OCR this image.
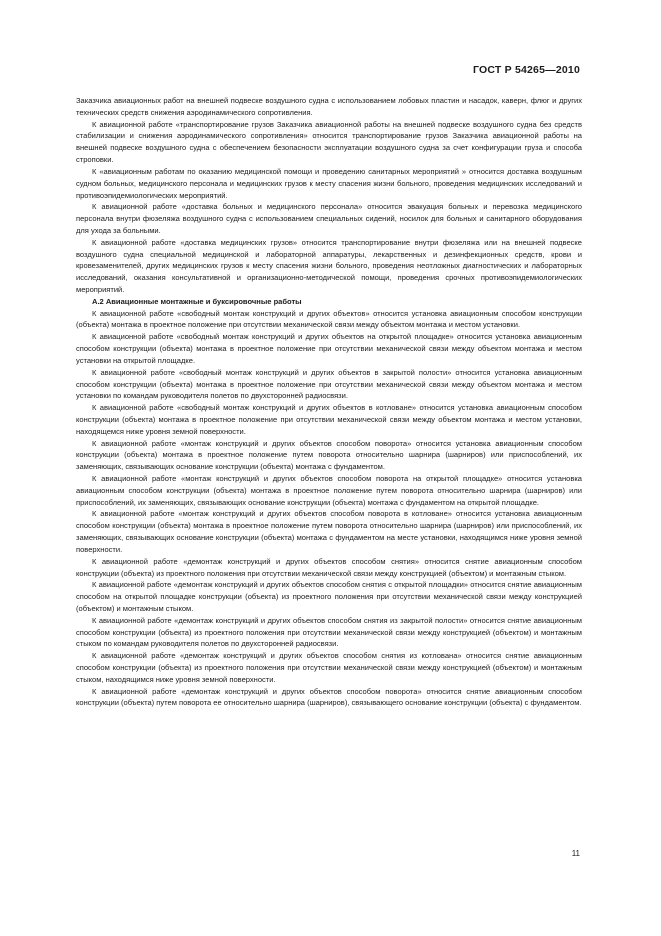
ГОСТ Р 54265—2010

Заказчика авиационных работ на внешней подвеске воздушного судна с использованием лобовых пластин и насадок, каверн, флюг и других технических средств снижения аэродинамического сопротивления.

К авиационной работе «транспортирование грузов Заказчика авиационной работы на внешней подвеске воздушного судна без средств стабилизации и снижения аэродинамического сопротивления» относится транспортирование грузов Заказчика авиационной работы на внешней подвеске воздушного судна с обеспечением безопасности эксплуатации воздушного судна за счет конфигурации груза и способа строповки.

К «авиационным работам по оказанию медицинской помощи и проведению санитарных мероприятий » относится доставка воздушным судном больных, медицинского персонала и медицинских грузов к месту спасения жизни больного, проведения медицинских исследований и противоэпидемиологических мероприятий.

К авиационной работе «доставка больных и медицинского персонала» относится эвакуация больных и перевозка медицинского персонала внутри фюзеляжа воздушного судна с использованием специальных сидений, носилок для больных и санитарного оборудования для ухода за больными.

К авиационной работе «доставка медицинских грузов» относится транспортирование внутри фюзеляжа или на внешней подвеске воздушного судна специальной медицинской и лабораторной аппаратуры, лекарственных и дезинфекционных средств, крови и кровезаменителей, других медицинских грузов к месту спасения жизни больного, проведения неотложных диагностических и лабораторных исследований, оказания консультативной и организационно-методической помощи, проведения срочных противоэпидемиологических мероприятий.

А.2 Авиационные монтажные и буксировочные работы

К авиационной работе «свободный монтаж конструкций и других объектов» относится установка авиационным способом конструкции (объекта) монтажа в проектное положение при отсутствии механической связи между объектом монтажа и местом установки.

К авиационной работе «свободный монтаж конструкций и других объектов на открытой площадке» относится установка авиационным способом конструкции (объекта) монтажа в проектное положение при отсутствии механической связи между объектом монтажа и местом установки на открытой площадке.

К авиационной работе «свободный монтаж конструкций и других объектов в закрытой полости» относится установка авиационным способом конструкции (объекта) монтажа в проектное положение при отсутствии механической связи между объектом монтажа и местом установки по командам руководителя полетов по двухсторонней радиосвязи.

К авиационной работе «свободный монтаж конструкций и других объектов в котловане» относится установка авиационным способом конструкции (объекта) монтажа в проектное положение при отсутствии механической связи между объектом монтажа и местом установки, находящемся ниже уровня земной поверхности.

К авиационной работе «монтаж конструкций и других объектов способом поворота» относится установка авиационным способом конструкции (объекта) монтажа в проектное положение путем поворота относительно шарнира (шарниров) или приспособлений, их заменяющих, связывающих основание конструкции (объекта) монтажа с фундаментом.

К авиационной работе «монтаж конструкций и других объектов способом поворота на открытой площадке» относится установка авиационным способом конструкции (объекта) монтажа в проектное положение путем поворота относительно шарнира (шарниров) или приспособлений, их заменяющих, связывающих основание конструкции (объекта) монтажа с фундаментом на открытой площадке.

К авиационной работе «монтаж конструкций и других объектов способом поворота в котловане» относится установка авиационным способом конструкции (объекта) монтажа в проектное положение путем поворота относительно шарнира (шарниров) или приспособлений, их заменяющих, связывающих основание конструкции (объекта) монтажа с фундаментом на месте установки, находящимся ниже уровня земной поверхности.

К авиационной работе «демонтаж конструкций и других объектов способом снятия» относится снятие авиационным способом конструкции (объекта) из проектного положения при отсутствии механической связи между конструкцией (объектом) и монтажным стыком.

К авиационной работе «демонтаж конструкций и других объектов способом снятия с открытой площадки» относится снятие авиационным способом на открытой площадке конструкции (объекта) из проектного положения при отсутствии механической связи между конструкцией (объектом) и монтажным стыком.

К авиационной работе «демонтаж конструкций и других объектов способом снятия из закрытой полости» относится снятие авиационным способом конструкции (объекта) из проектного положения при отсутствии механической связи между конструкцией (объектом) и монтажным стыком по командам руководителя полетов по двухсторонней радиосвязи.

К авиационной работе «демонтаж конструкций и других объектов способом снятия из котлована» относится снятие авиационным способом конструкции (объекта) из проектного положения при отсутствии механической связи между конструкцией (объектом) и монтажным стыком, находящимся ниже уровня земной поверхности.

К авиационной работе «демонтаж конструкций и других объектов способом поворота» относится снятие авиационным способом конструкции (объекта) путем поворота ее относительно шарнира (шарниров), связывающего основание конструкции (объекта) с фундаментом.

11
